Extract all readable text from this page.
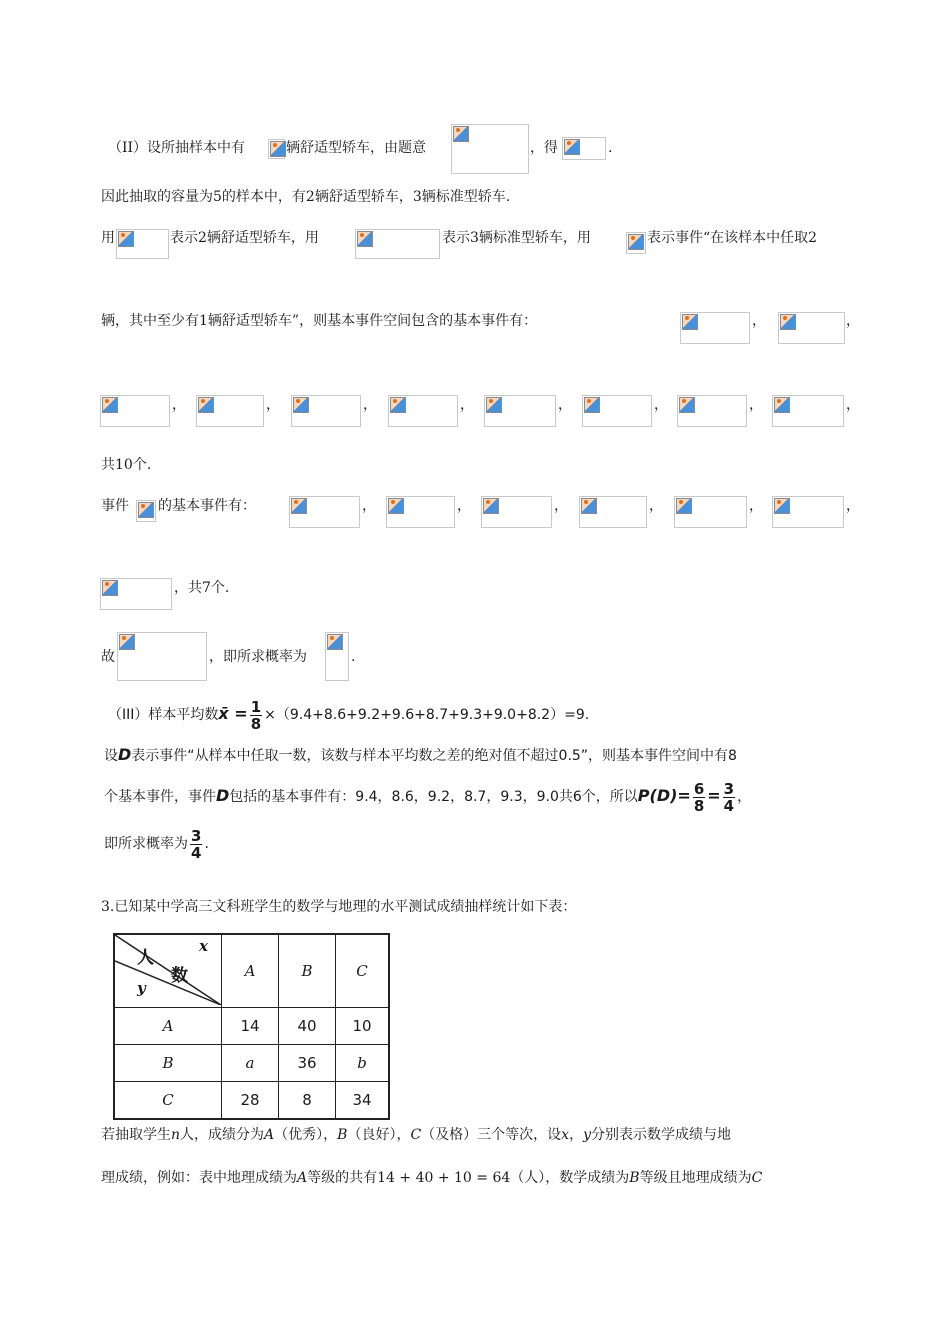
（II）设所抽样本中有	辆舒适型轿车，由题意	，得	.
因此抽取的容量为5的样本中，有2辆舒适型轿车，3辆标准型轿车.
用	表示2辆舒适型轿车，用	表示3辆标准型轿车，用	表示事件“在该样本中任取2
辆，其中至少有1辆舒适型轿车”，则基本事件空间包含的基本事件有：	，	，
，	，	，	，	，	，	，	，
共10个.
事件 的基本事件有：	，	，	，	，	，	，
，共7个.
故	，即所求概率为	.
（III）样本平均数x̄ = $\frac{1}{8} \times(9.4+8.6+9.2+9.6+8.7+9.3+9.0+8.2)=9$.
设D表示事件“从样本中任取一数，该数与样本平均数之差的绝对值不超过0.5”，则基本事件空间中有8
个基本事件，事件D包括的基本事件有：9.4，8.6，9.2，8.7，9.3，9.0共6个，所以$P(D)= \frac{6}{8} = \frac{3}{4}$ ，
即所求概率为 $\frac{3}{4}$ .
3.已知某中学高三文科班学生的数学与地理的水平测试成绩抽样统计如下表：
人
x
数
y	A	B	C
A	14	40	10
B	a	36	b
C	28	8	34
若抽取学生n人，成绩分为A（优秀），B（良好），C（及格）三个等次，设x，y分别表示数学成绩与地
理成绩，例如：表中地理成绩为A等级的共有14 + 40 + 10 = 64（人），数学成绩为B等级且地理成绩为C
